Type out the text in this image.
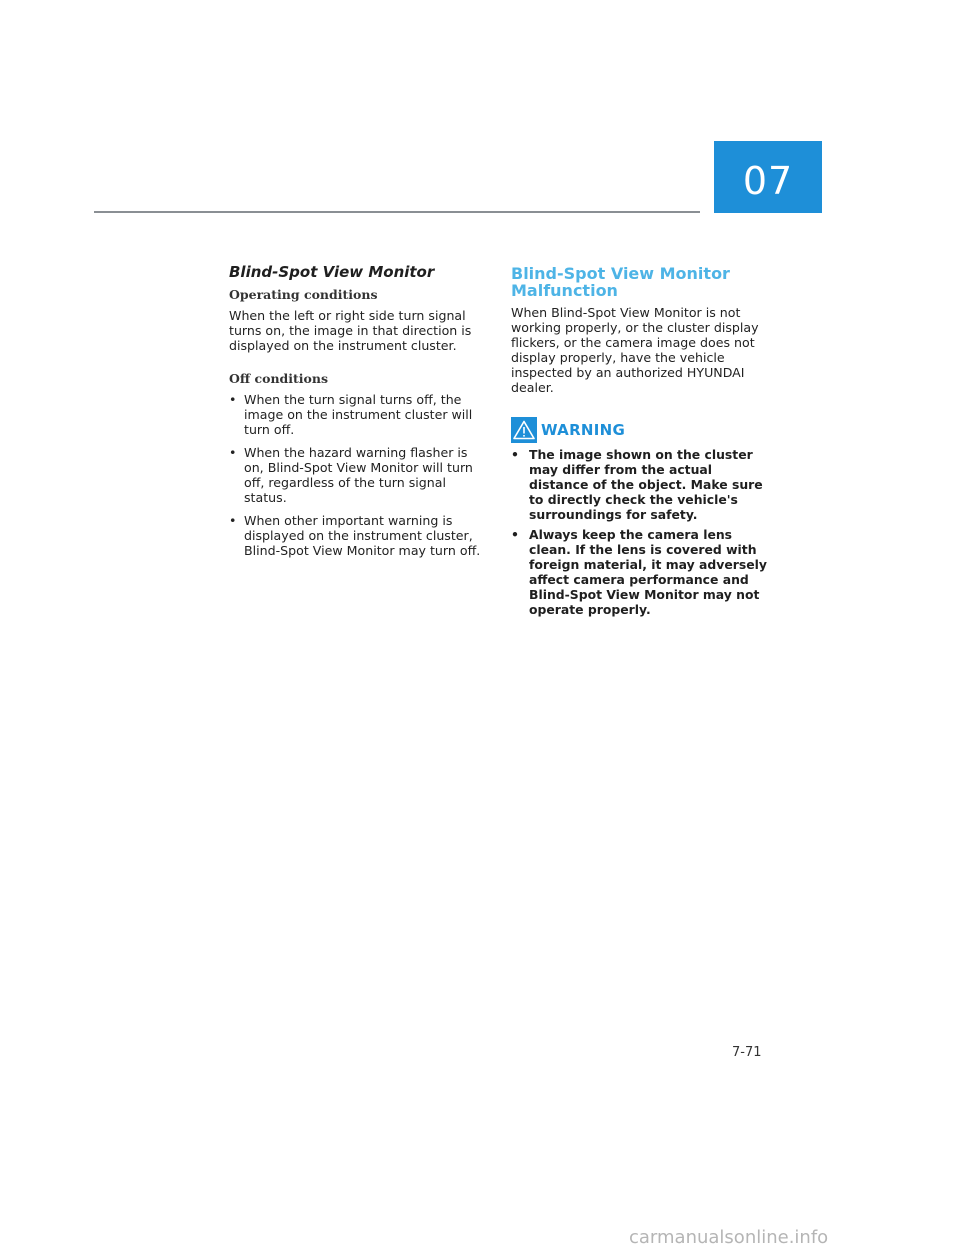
07
Blind-Spot View Monitor
Operating conditions

When the left or right side turn signal turns on, the image in that direction is displayed on the instrument cluster.

Off conditions
• When the turn signal turns off, the image on the instrument cluster will turn off.
• When the hazard warning flasher is on, Blind-Spot View Monitor will turn off, regardless of the turn signal status.
• When other important warning is displayed on the instrument cluster, Blind-Spot View Monitor may turn off.
Blind-Spot View Monitor Malfunction

When Blind-Spot View Monitor is not working properly, or the cluster display flickers, or the camera image does not display properly, have the vehicle inspected by an authorized HYUNDAI dealer.

WARNING
• The image shown on the cluster may differ from the actual distance of the object. Make sure to directly check the vehicle's surroundings for safety.
• Always keep the camera lens clean. If the lens is covered with foreign material, it may adversely affect camera performance and Blind-Spot View Monitor may not operate properly.
7-71
carmanualsonline.info
